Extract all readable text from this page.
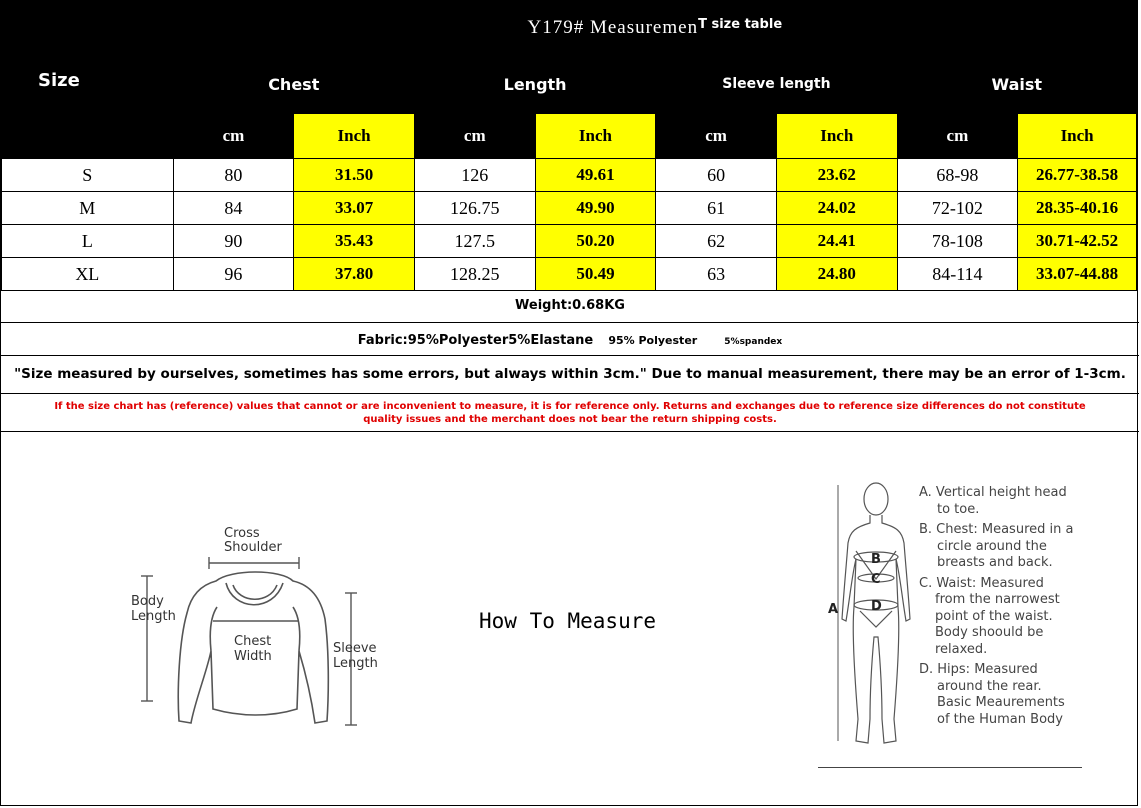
Size	Y179# Measuremen$^{T size table}$
	Chest		Length		Sleeve length		Waist	
	cm	Inch	cm	Inch	cm	Inch	cm	Inch
S	80	31.50	126	49.61	60	23.62	68-98	26.77-38.58
M	84	33.07	126.75	49.90	61	24.02	72-102	28.35-40.16
L	90	35.43	127.5	50.20	62	24.41	78-108	30.71-42.52
XL	96	37.80	128.25	50.49	63	24.80	84-114	33.07-44.88
Weight:0.68KG
Fabric:95%Polyester5%Elastane 95% Polyester	5%spandex
"Size measured by ourselves, sometimes has some errors, but always within 3cm." Due to manual measurement, there may be an error of 1-3cm.
If the size chart has (reference) values that cannot or are inconvenient to measure, it is for reference only. Returns and exchanges due to reference size differences do not constitute quality issues and the merchant does not bear the return shipping costs.
Cross
Shoulder
Body
Length
Chest
Width
Sleeve
Length
How To Measure	A
B
C
D
A. Vertical height head
to toe.
B. Chest: Measured in a
circle around the
breasts and back.
C. Waist: Measured
from the narrowest
point of the waist.
Body shoould be
relaxed.
D. Hips: Measured
around the rear.
Basic Meaurements
of the Human Body
